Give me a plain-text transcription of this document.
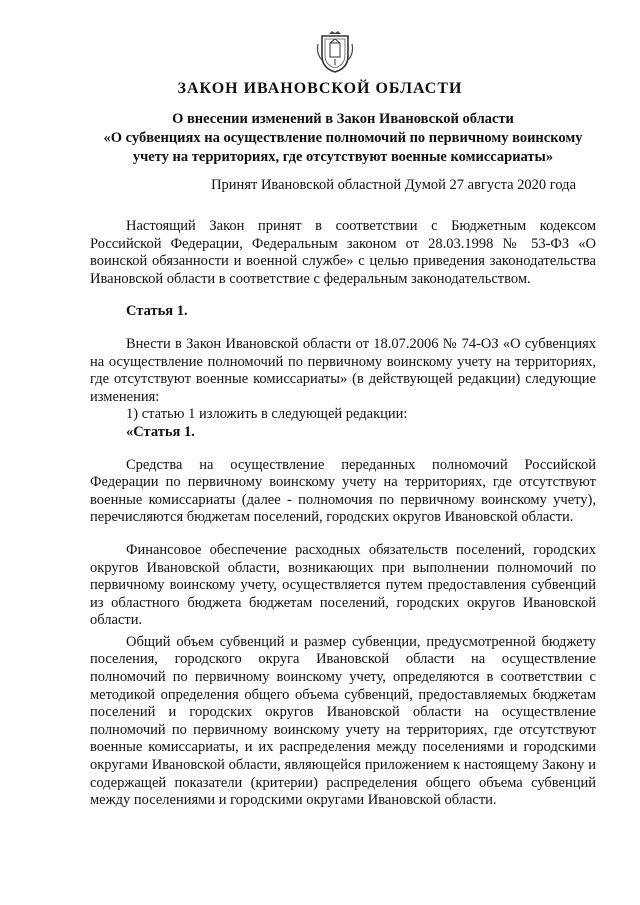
ЗАКОН ИВАНОВСКОЙ ОБЛАСТИ
О внесении изменений в Закон Ивановской области
«О субвенциях на осуществление полномочий по первичному воинскому учету на территориях, где отсутствуют военные комиссариаты»
Принят Ивановской областной Думой 27 августа 2020 года

Настоящий Закон принят в соответствии с Бюджетным кодексом Российской Федерации, Федеральным законом от 28.03.1998 № 53-ФЗ «О воинской обязанности и военной службе» с целью приведения законодательства Ивановской области в соответствие с федеральным законодательством.

Статья 1.

Внести в Закон Ивановской области от 18.07.2006 № 74-ОЗ «О субвенциях на осуществление полномочий по первичному воинскому учету на территориях, где отсутствуют военные комиссариаты» (в действующей редакции) следующие изменения:

1) статью 1 изложить в следующей редакции:

«Статья 1.

Средства на осуществление переданных полномочий Российской Федерации по первичному воинскому учету на территориях, где отсутствуют военные комиссариаты (далее - полномочия по первичному воинскому учету), перечисляются бюджетам поселений, городских округов Ивановской области.

Финансовое обеспечение расходных обязательств поселений, городских округов Ивановской области, возникающих при выполнении полномочий по первичному воинскому учету, осуществляется путем предоставления субвенций из областного бюджета бюджетам поселений, городских округов Ивановской области.

Общий объем субвенций и размер субвенции, предусмотренной бюджету поселения, городского округа Ивановской области на осуществление полномочий по первичному воинскому учету, определяются в соответствии с методикой определения общего объема субвенций, предоставляемых бюджетам поселений и городских округов Ивановской области на осуществление полномочий по первичному воинскому учету на территориях, где отсутствуют военные комиссариаты, и их распределения между поселениями и городскими округами Ивановской области, являющейся приложением к настоящему Закону и содержащей показатели (критерии) распределения общего объема субвенций между поселениями и городскими округами Ивановской области.
